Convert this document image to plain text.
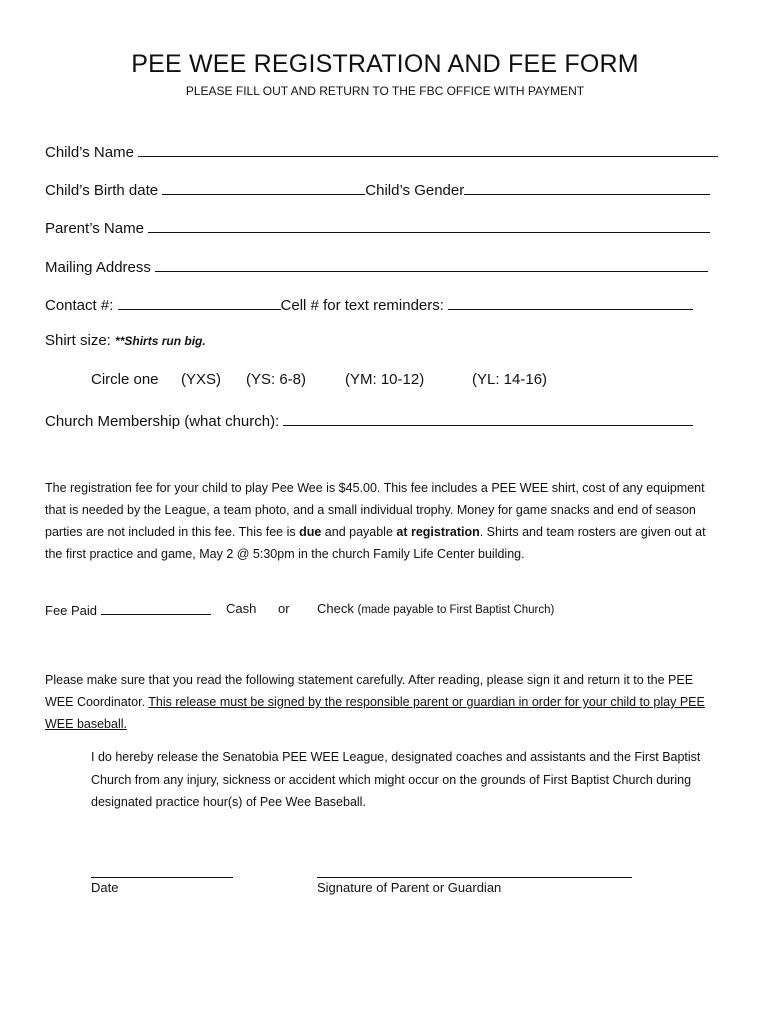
PEE WEE REGISTRATION AND FEE FORM
PLEASE FILL OUT AND RETURN TO THE FBC OFFICE WITH PAYMENT
Child’s Name
Child’s Birth date	Child’s Gender
Parent’s Name
Mailing Address
Contact #:	Cell # for text reminders:
Shirt size: **Shirts run big.
Circle one (YXS) (YS: 6-8)	(YM: 10-12)	(YL: 14-16)
Church Membership (what church):
The registration fee for your child to play Pee Wee is $45.00. This fee includes a PEE WEE shirt, cost of any equipment that is needed by the League, a team photo, and a small individual trophy. Money for game snacks and end of season parties are not included in this fee. This fee is due and payable at registration. Shirts and team rosters are given out at the first practice and game, May 2 @ 5:30pm in the church Family Life Center building.
Fee Paid	Cash or Check (made payable to First Baptist Church)
Please make sure that you read the following statement carefully. After reading, please sign it and return it to the PEE WEE Coordinator. This release must be signed by the responsible parent or guardian in order for your child to play PEE WEE baseball.
I do hereby release the Senatobia PEE WEE League, designated coaches and assistants and the First Baptist Church from any injury, sickness or accident which might occur on the grounds of First Baptist Church during designated practice hour(s) of Pee Wee Baseball.
Date	Signature of Parent or Guardian
